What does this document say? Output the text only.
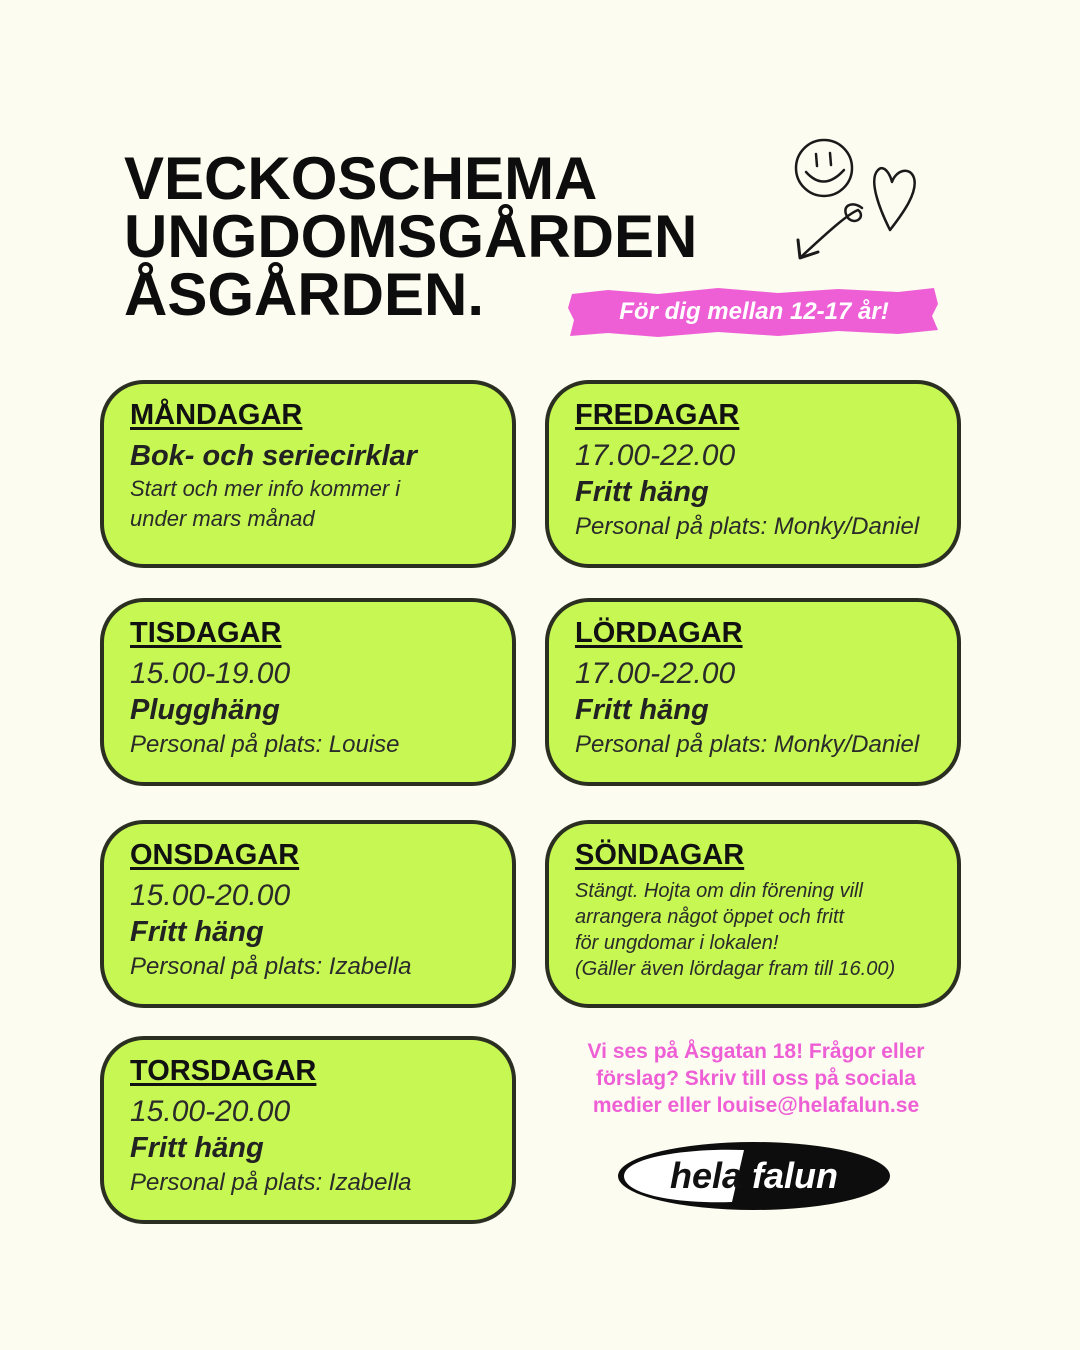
VECKOSCHEMA
UNGDOMSGÅRDEN
ÅSGÅRDEN.	För dig mellan 12-17 år!
MÅNDAGAR
Bok- och seriecirklar
Start och mer info kommer i
under mars månad
TISDAGAR
15.00-19.00
Plugghäng
Personal på plats: Louise
ONSDAGAR
15.00-20.00
Fritt häng
Personal på plats: Izabella
TORSDAGAR
15.00-20.00
Fritt häng
Personal på plats: Izabella
FREDAGAR
17.00-22.00
Fritt häng
Personal på plats: Monky/Daniel
LÖRDAGAR
17.00-22.00
Fritt häng
Personal på plats: Monky/Daniel
SÖNDAGAR
Stängt. Hojta om din förening vill
arrangera något öppet och fritt
för ungdomar i lokalen!
(Gäller även lördagar fram till 16.00)
Vi ses på Åsgatan 18! Frågor eller
förslag? Skriv till oss på sociala
medier eller louise@helafalun.se
hela falun
